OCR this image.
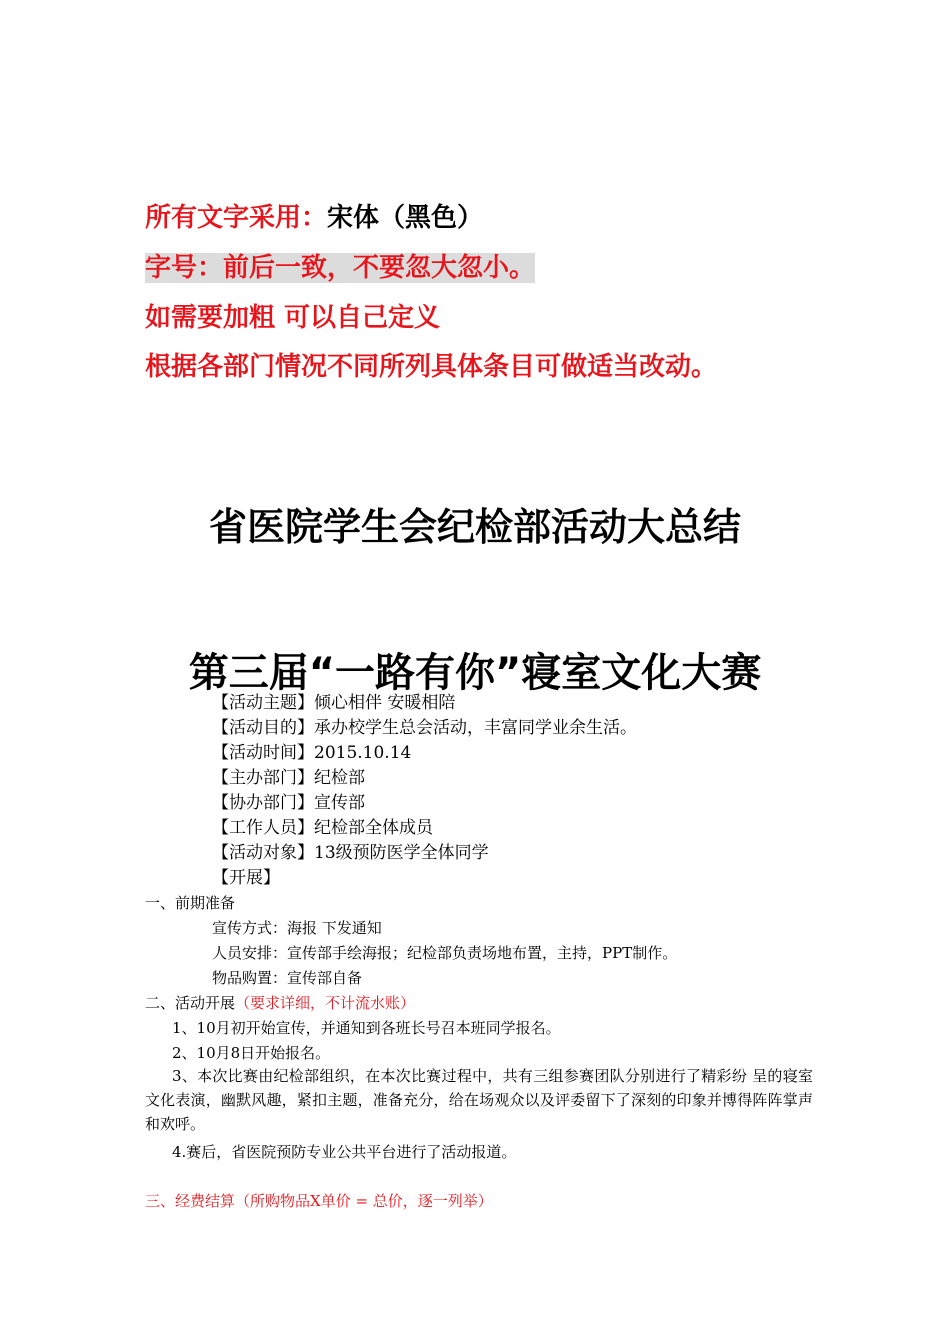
所有文字采用：宋体（黑色）
字号：前后一致，不要忽大忽小。
如需要加粗 可以自己定义
根据各部门情况不同所列具体条目可做适当改动。
省医院学生会纪检部活动大总结
第三届“一路有你”寝室文化大赛
【活动主题】倾心相伴 安暖相陪
【活动目的】承办校学生总会活动，丰富同学业余生活。
【活动时间】2015.10.14
【主办部门】纪检部
【协办部门】宣传部
【工作人员】纪检部全体成员
【活动对象】13级预防医学全体同学
【开展】
一、前期准备
宣传方式：海报 下发通知
人员安排：宣传部手绘海报；纪检部负责场地布置，主持，PPT制作。
物品购置：宣传部自备
二、活动开展（要求详细，不计流水账）
1、10月初开始宣传，并通知到各班长号召本班同学报名。
2、10月8日开始报名。
3、本次比赛由纪检部组织，在本次比赛过程中，共有三组参赛团队分别进行了精彩纷 呈的寝室文化表演，幽默风趣，紧扣主题，准备充分，给在场观众以及评委留下了深刻的印象并博得阵阵掌声和欢呼。
4.赛后，省医院预防专业公共平台进行了活动报道。
三、经费结算（所购物品X单价 = 总价，逐一列举）
